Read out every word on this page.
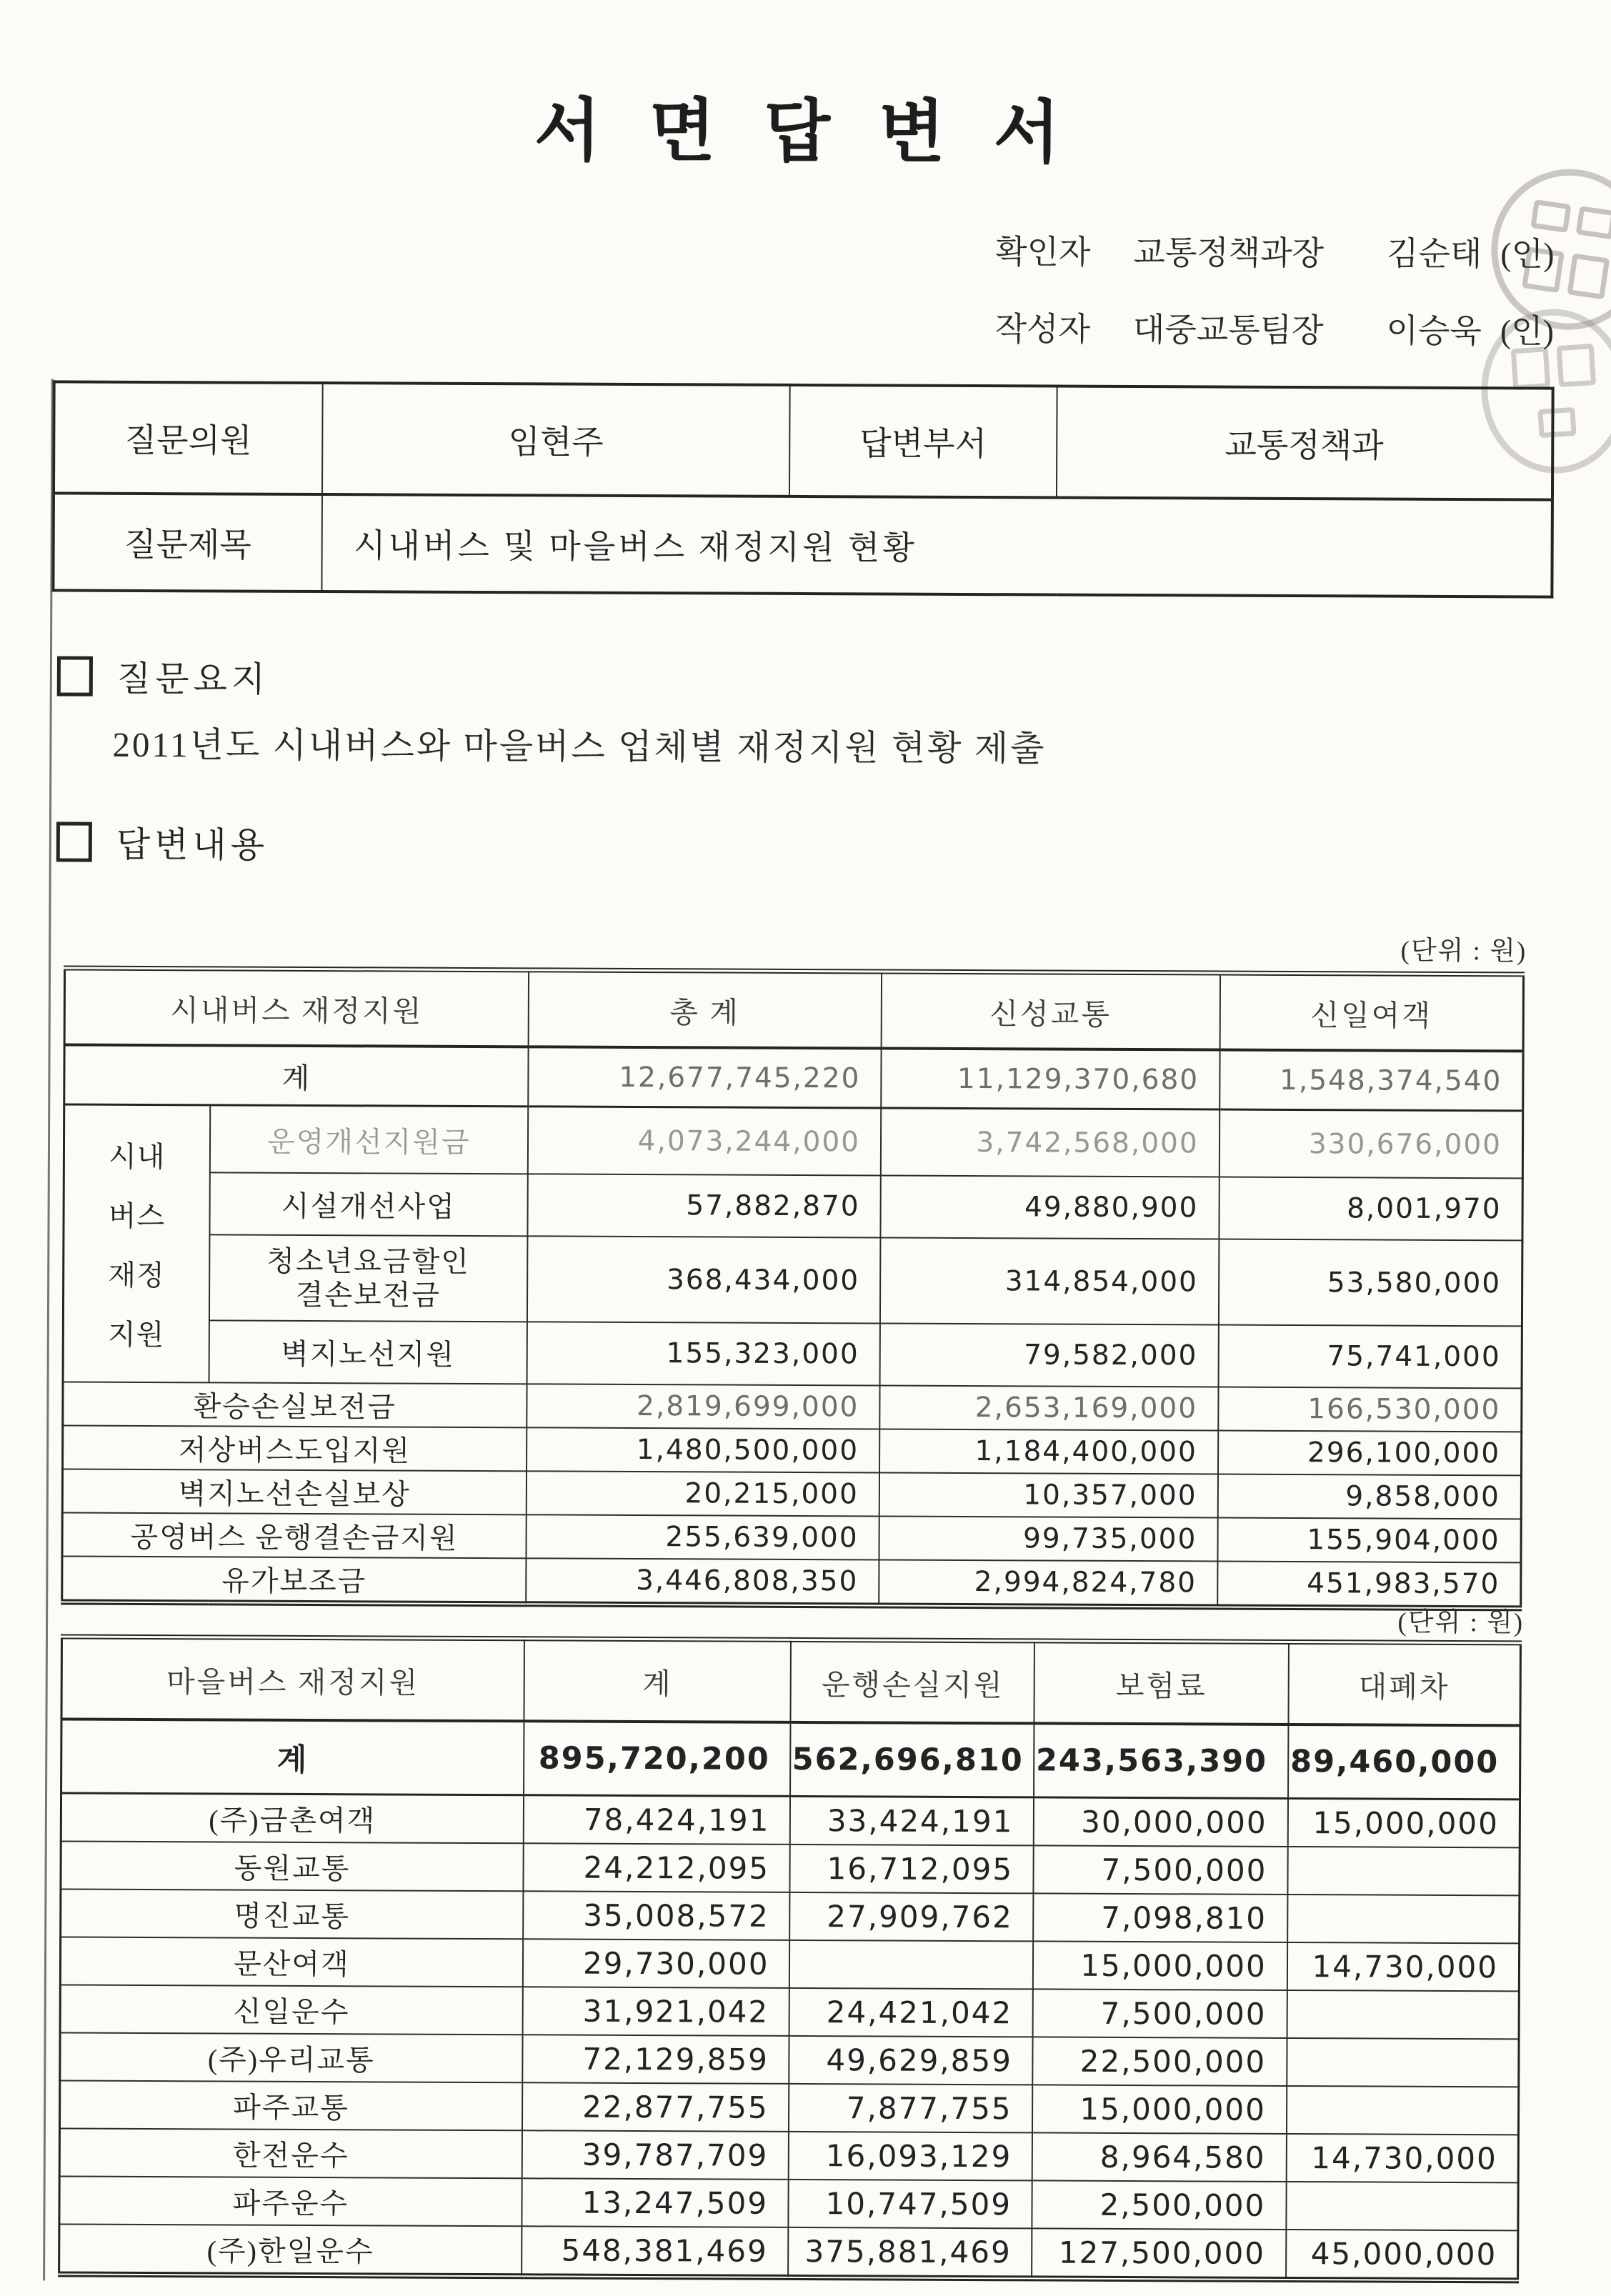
서 면 답 변 서
확인자 교통정책과장 김순태 (인)
작성자 대중교통팀장 이승욱 (인)
질문의원	임현주	답변부서	교통정책과
질문제목	시내버스 및 마을버스 재정지원 현황		
질문요지

2011년도 시내버스와 마을버스 업체별 재정지원 현황 제출

답변내용
(단위 : 원)
시내버스 재정지원		총 계	신성교통	신일여객
계		12,677,745,220	11,129,370,680	1,548,374,540

시내
버스
재정
지원	운영개선지원금	4,073,244,000	3,742,568,000	330,676,000
	시설개선사업	57,882,870	49,880,900	8,001,970
	청소년요금할인
결손보전금	368,434,000	314,854,000	53,580,000
	벽지노선지원	155,323,000	79,582,000	75,741,000
환승손실보전금		2,819,699,000	2,653,169,000	166,530,000
저상버스도입지원		1,480,500,000	1,184,400,000	296,100,000
벽지노선손실보상		20,215,000	10,357,000	9,858,000
공영버스 운행결손금지원		255,639,000	99,735,000	155,904,000
유가보조금		3,446,808,350	2,994,824,780	451,983,570
(단위 : 원)
마을버스 재정지원	계	운행손실지원	보험료	대폐차
계	895,720,200	562,696,810	243,563,390	89,460,000
(주)금촌여객	78,424,191	33,424,191	30,000,000	15,000,000
동원교통	24,212,095	16,712,095	7,500,000	
명진교통	35,008,572	27,909,762	7,098,810	
문산여객	29,730,000		15,000,000	14,730,000
신일운수	31,921,042	24,421,042	7,500,000	
(주)우리교통	72,129,859	49,629,859	22,500,000	
파주교통	22,877,755	7,877,755	15,000,000	
한전운수	39,787,709	16,093,129	8,964,580	14,730,000
파주운수	13,247,509	10,747,509	2,500,000	
(주)한일운수	548,381,469	375,881,469	127,500,000	45,000,000
